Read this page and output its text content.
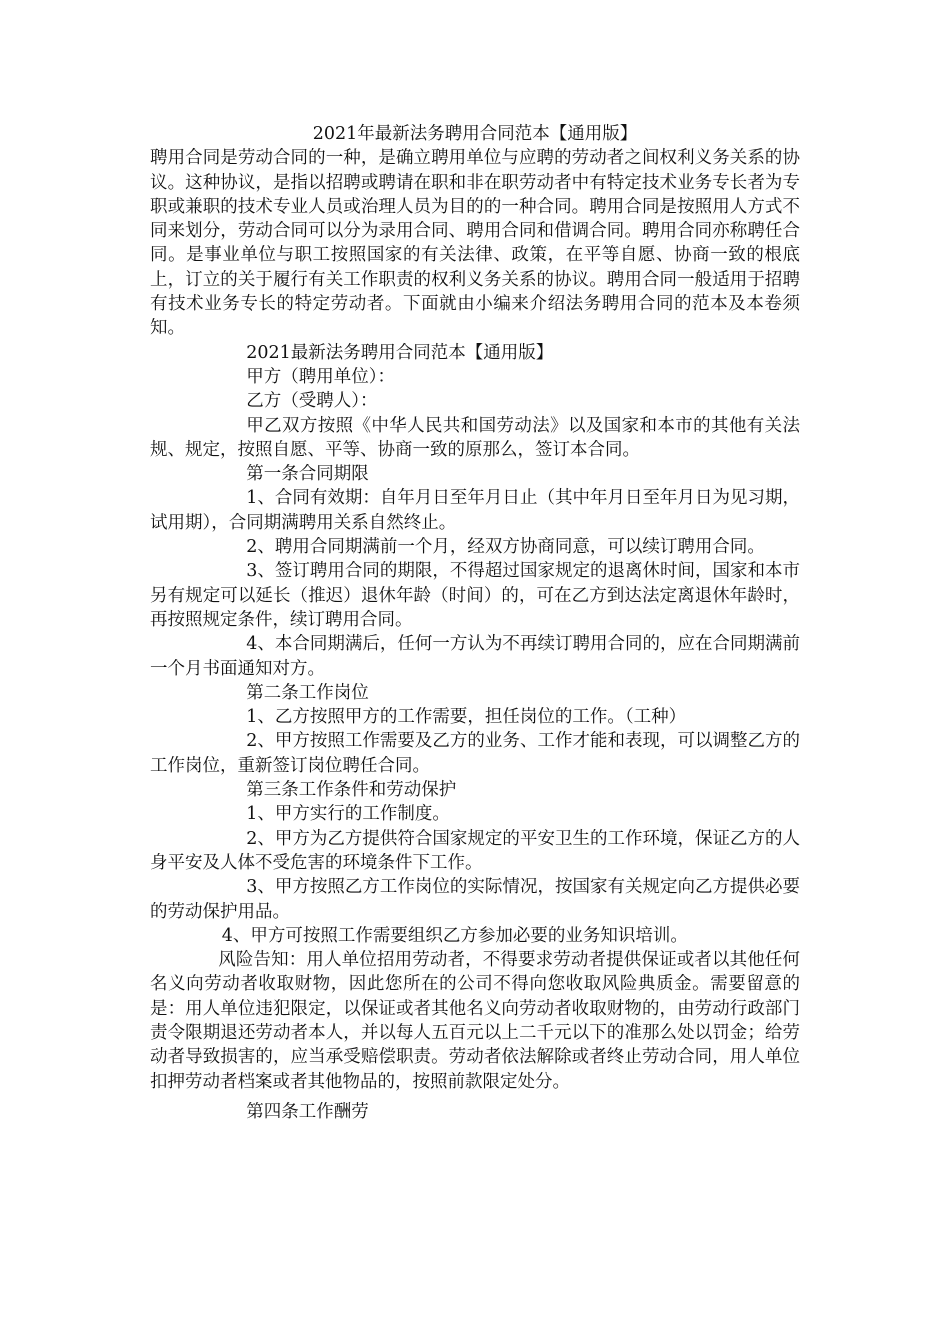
2021年最新法务聘用合同范本【通用版】

聘用合同是劳动合同的一种，是确立聘用单位与应聘的劳动者之间权利义务关系的协议。这种协议，是指以招聘或聘请在职和非在职劳动者中有特定技术业务专长者为专职或兼职的技术专业人员或治理人员为目的的一种合同。聘用合同是按照用人方式不同来划分，劳动合同可以分为录用合同、聘用合同和借调合同。聘用合同亦称聘任合同。是事业单位与职工按照国家的有关法律、政策，在平等自愿、协商一致的根底上，订立的关于履行有关工作职责的权利义务关系的协议。聘用合同一般适用于招聘有技术业务专长的特定劳动者。下面就由小编来介绍法务聘用合同的范本及本卷须知。

2021最新法务聘用合同范本【通用版】

甲方（聘用单位）：

乙方（受聘人）：

甲乙双方按照《中华人民共和国劳动法》以及国家和本市的其他有关法规、规定，按照自愿、平等、协商一致的原那么，签订本合同。

第一条合同期限

1、合同有效期：自年月日至年月日止（其中年月日至年月日为见习期，试用期），合同期满聘用关系自然终止。

2、聘用合同期满前一个月，经双方协商同意，可以续订聘用合同。

3、签订聘用合同的期限，不得超过国家规定的退离休时间，国家和本市另有规定可以延长（推迟）退休年龄（时间）的，可在乙方到达法定离退休年龄时，再按照规定条件，续订聘用合同。

4、本合同期满后，任何一方认为不再续订聘用合同的，应在合同期满前一个月书面通知对方。

第二条工作岗位

1、乙方按照甲方的工作需要，担任岗位的工作。（工种）

2、甲方按照工作需要及乙方的业务、工作才能和表现，可以调整乙方的工作岗位，重新签订岗位聘任合同。

第三条工作条件和劳动保护

1、甲方实行的工作制度。

2、甲方为乙方提供符合国家规定的平安卫生的工作环境，保证乙方的人身平安及人体不受危害的环境条件下工作。

3、甲方按照乙方工作岗位的实际情况，按国家有关规定向乙方提供必要的劳动保护用品。

4、甲方可按照工作需要组织乙方参加必要的业务知识培训。

风险告知：用人单位招用劳动者，不得要求劳动者提供保证或者以其他任何名义向劳动者收取财物，因此您所在的公司不得向您收取风险典质金。需要留意的是：用人单位违犯限定，以保证或者其他名义向劳动者收取财物的，由劳动行政部门责令限期退还劳动者本人，并以每人五百元以上二千元以下的准那么处以罚金；给劳动者导致损害的，应当承受赔偿职责。劳动者依法解除或者终止劳动合同，用人单位扣押劳动者档案或者其他物品的，按照前款限定处分。

第四条工作酬劳
